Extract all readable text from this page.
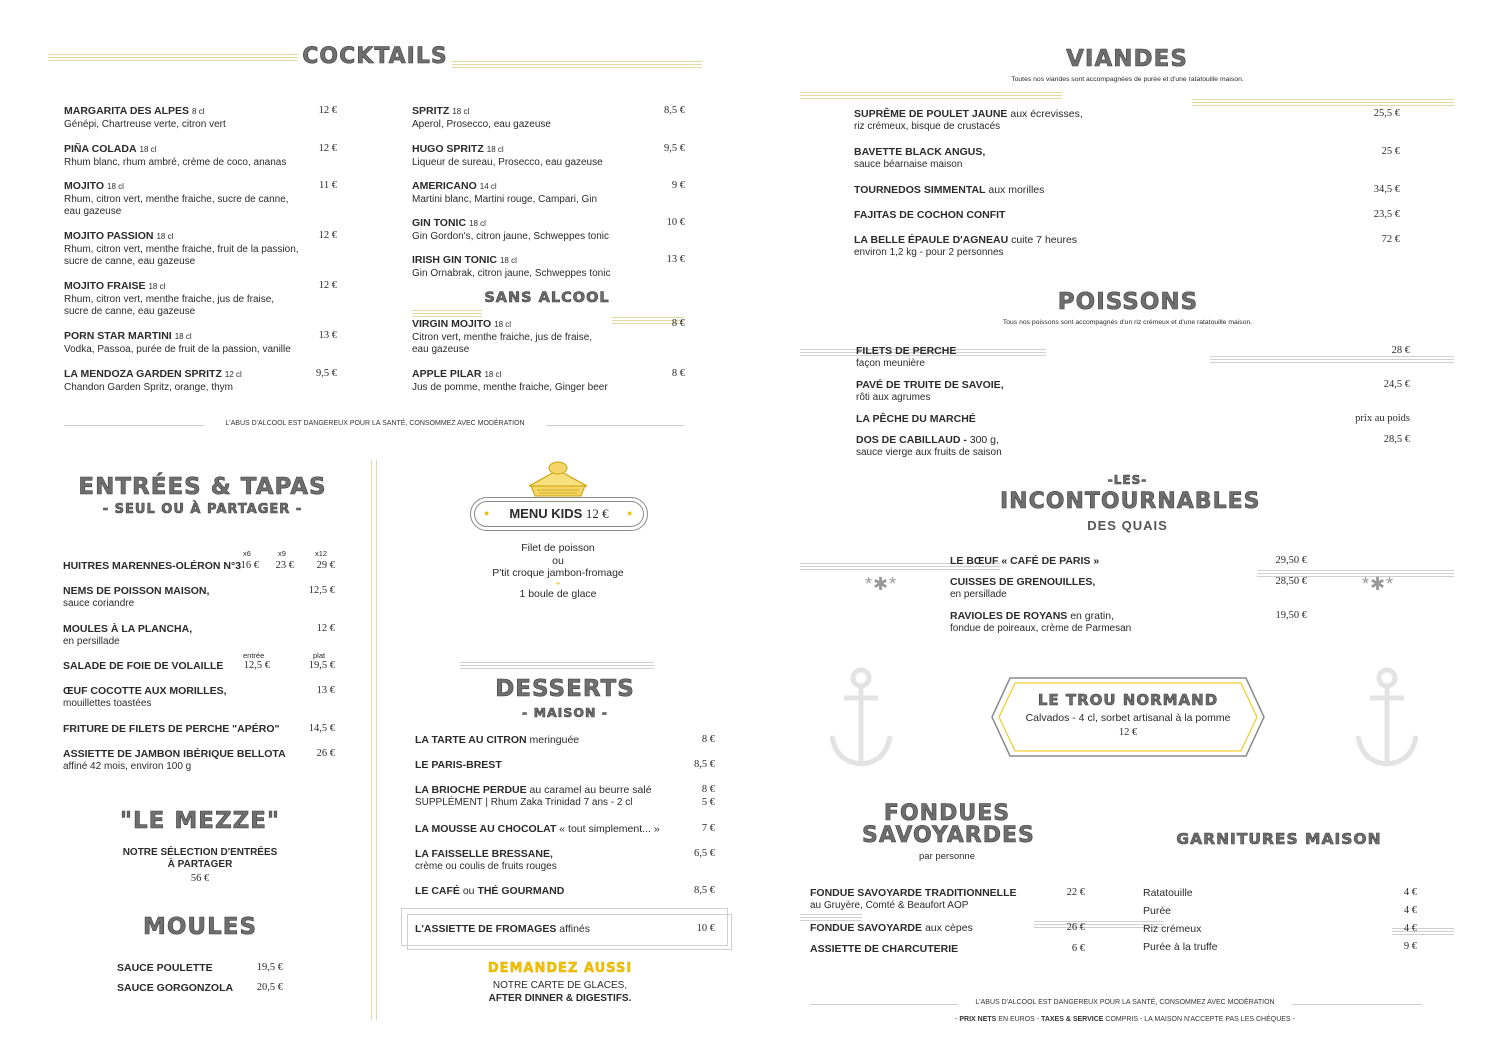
COCKTAILS
MARGARITA DES ALPES 8 cl
Génépi, Chartreuse verte, citron vert
12 €
PIÑA COLADA 18 cl
Rhum blanc, rhum ambré, crème de coco, ananas
12 €
MOJITO 18 cl
Rhum, citron vert, menthe fraiche, sucre de canne,
eau gazeuse
11 €
MOJITO PASSION 18 cl
Rhum, citron vert, menthe fraiche, fruit de la passion,
sucre de canne, eau gazeuse
12 €
MOJITO FRAISE 18 cl
Rhum, citron vert, menthe fraiche, jus de fraise,
sucre de canne, eau gazeuse
12 €
PORN STAR MARTINI 18 cl
Vodka, Passoa, purée de fruit de la passion, vanille
13 €
LA MENDOZA GARDEN SPRITZ 12 cl
Chandon Garden Spritz, orange, thym
9,5 €
SPRITZ 18 cl
Aperol, Prosecco, eau gazeuse
8,5 €
HUGO SPRITZ 18 cl
Liqueur de sureau, Prosecco, eau gazeuse
9,5 €
AMERICANO 14 cl
Martini blanc, Martini rouge, Campari, Gin
9 €
GIN TONIC 18 cl
Gin Gordon's, citron jaune, Schweppes tonic
10 €
IRISH GIN TONIC 18 cl
Gin Ornabrak, citron jaune, Schweppes tonic
13 €
SANS ALCOOL
VIRGIN MOJITO 18 cl
Citron vert, menthe fraiche, jus de fraise,
eau gazeuse
8 €
APPLE PILAR 18 cl
Jus de pomme, menthe fraiche, Ginger beer
8 €
L'ABUS D'ALCOOL EST DANGEREUX POUR LA SANTÉ, CONSOMMEZ AVEC MODÉRATION
ENTRÉES & TAPAS
- SEUL OU À PARTAGER -
x6	x9	x12
HUITRES MARENNES-OLÉRON N°3 16 €	23 €	29 €
NEMS DE POISSON MAISON,
sauce coriandre
12,5 €
MOULES À LA PLANCHA,
en persillade
12 €
entrée	plat
SALADE DE FOIE DE VOLAILLE	12,5 €	19,5 €
ŒUF COCOTTE AUX MORILLES,
mouillettes toastées
13 €
FRITURE DE FILETS DE PERCHE "APÉRO"	14,5 €
ASSIETTE DE JAMBON IBÉRIQUE BELLOTA
affiné 42 mois, environ 100 g
26 €
"LE MEZZE"
NOTRE SÉLECTION D'ENTRÉES
À PARTAGER
56 €
MOULES
SAUCE POULETTE	19,5 €
SAUCE GORGONZOLA	20,5 €
●	●
MENU KIDS 12 €
Filet de poisson
ou
P'tit croque jambon-fromage
+
1 boule de glace
DESSERTS
- MAISON -
LA TARTE AU CITRON meringuée	8 €
LE PARIS-BREST	8,5 €
LA BRIOCHE PERDUE au caramel au beurre salé
SUPPLÉMENT | Rhum Zaka Trinidad 7 ans - 2 cl
8 €
5 €
LA MOUSSE AU CHOCOLAT « tout simplement... »	7 €
LA FAISSELLE BRESSANE,
crème ou coulis de fruits rouges
6,5 €
LE CAFÉ ou THÉ GOURMAND	8,5 €
L'ASSIETTE DE FROMAGES affinés	10 €
DEMANDEZ AUSSI
NOTRE CARTE DE GLACES,
AFTER DINNER & DIGESTIFS.
VIANDES
Toutes nos viandes sont accompagnées de purée et d'une ratatouille maison.
SUPRÊME DE POULET JAUNE aux écrevisses,
riz crémeux, bisque de crustacés
25,5 €
BAVETTE BLACK ANGUS,
sauce béarnaise maison
25 €
TOURNEDOS SIMMENTAL aux morilles	34,5 €
FAJITAS DE COCHON CONFIT	23,5 €
LA BELLE ÉPAULE D'AGNEAU cuite 7 heures
environ 1,2 kg - pour 2 personnes
72 €
POISSONS
Tous nos poissons sont accompagnés d'un riz crémeux et d'une ratatouille maison.
FILETS DE PERCHE
façon meunière
28 €
PAVÉ DE TRUITE DE SAVOIE,
rôti aux agrumes
24,5 €
LA PÊCHE DU MARCHÉ	prix au poids
DOS DE CABILLAUD - 300 g,
sauce vierge aux fruits de saison
28,5 €
-LES-
INCONTOURNABLES
DES QUAIS
*✱*	*✱*
LE BŒUF « CAFÉ DE PARIS »	29,50 €
CUISSES DE GRENOUILLES,
en persillade
28,50 €
RAVIOLES DE ROYANS en gratin,
fondue de poireaux, crème de Parmesan
19,50 €
LE TROU NORMAND
Calvados - 4 cl, sorbet artisanal à la pomme
12 €
FONDUES
SAVOYARDES
par personne
GARNITURES MAISON
FONDUE SAVOYARDE TRADITIONNELLE
au Gruyère, Comté & Beaufort AOP
22 €
FONDUE SAVOYARDE aux cèpes	26 €
ASSIETTE DE CHARCUTERIE	6 €
Ratatouille	4 €
Purée	4 €
Riz crémeux	4 €
Purée à la truffe	9 €
L'ABUS D'ALCOOL EST DANGEREUX POUR LA SANTÉ, CONSOMMEZ AVEC MODÉRATION
- PRIX NETS EN EUROS - TAXES & SERVICE COMPRIS - LA MAISON N'ACCEPTE PAS LES CHÈQUES -
